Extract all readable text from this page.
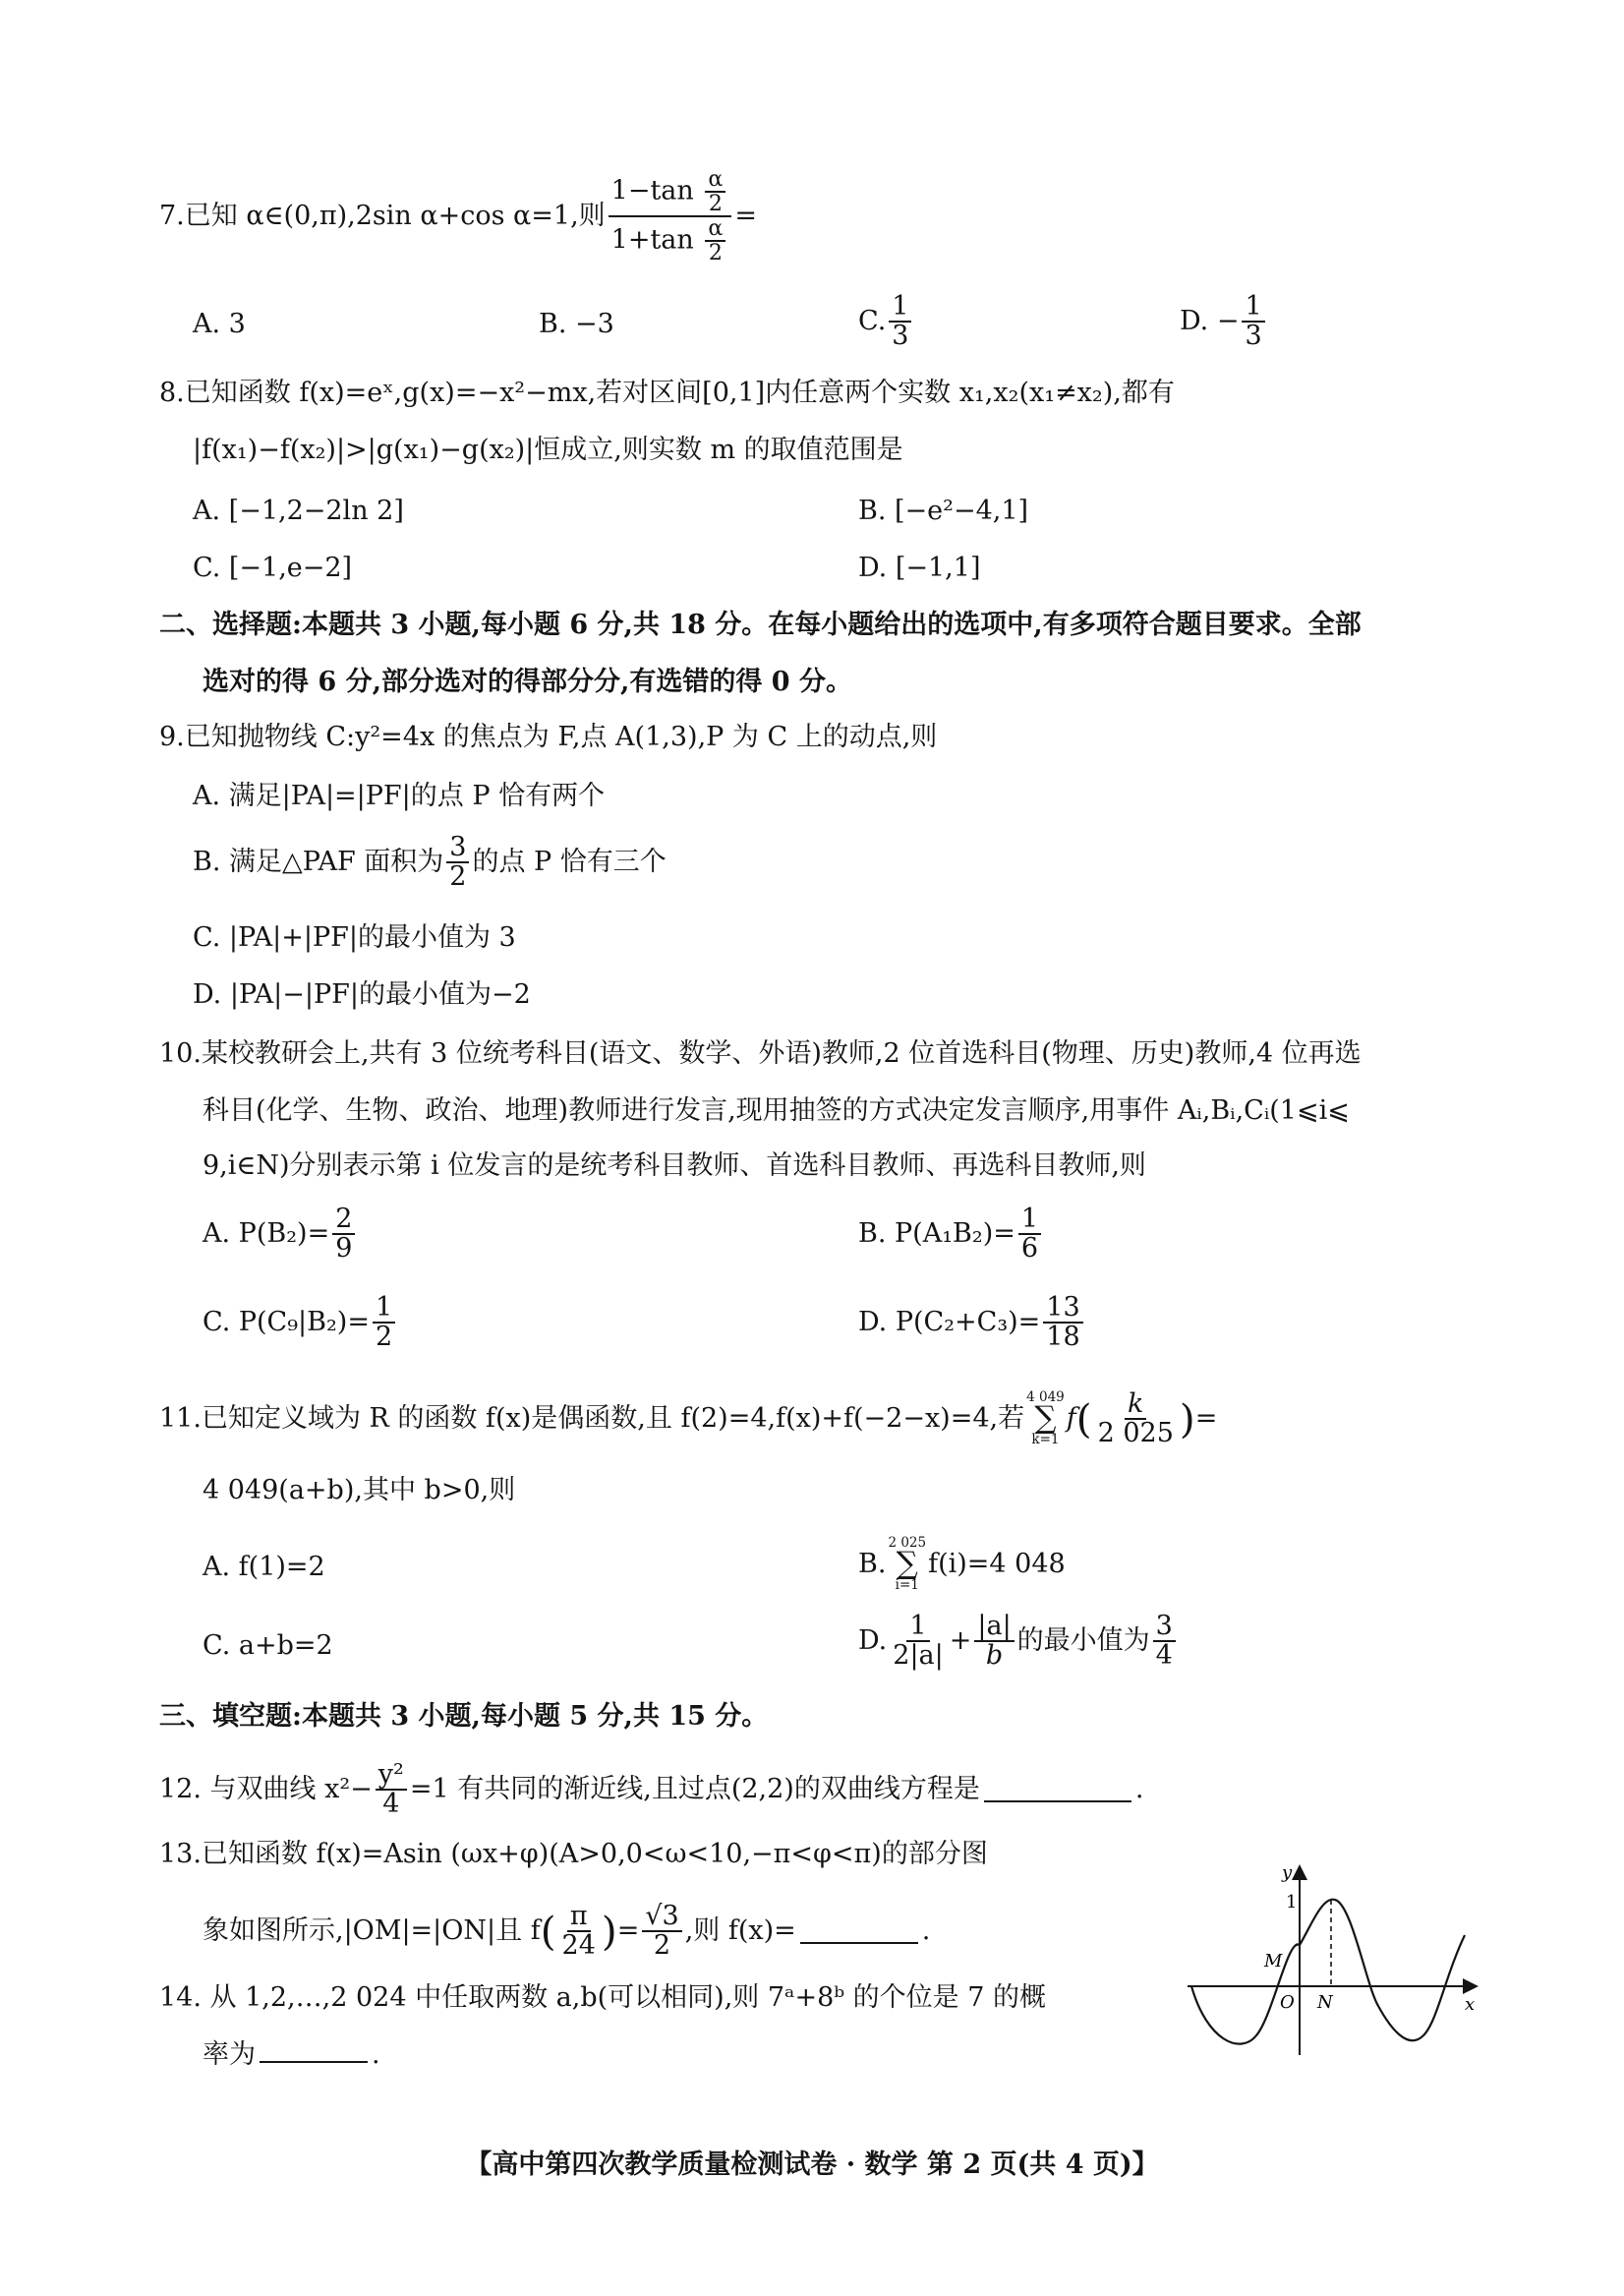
7.已知 α∈(0,π),2sin α+cos α=1,则 $\frac{1-\tan \frac{\alpha}{2}}{1+\tan \frac{\alpha}{2}}$ =
A. 3	B. −3	C. $\frac{1}{3}$	D. − $\frac{1}{3}$
8.已知函数 f(x)=eˣ,g(x)=−x²−mx,若对区间[0,1]内任意两个实数 x₁,x₂(x₁≠x₂),都有
|f(x₁)−f(x₂)|>|g(x₁)−g(x₂)|恒成立,则实数 m 的取值范围是
A. [−1,2−2ln 2]	B. [−e²−4,1]
C. [−1,e−2]	D. [−1,1]
二、选择题:本题共 3 小题,每小题 6 分,共 18 分。在每小题给出的选项中,有多项符合题目要求。全部
选对的得 6 分,部分选对的得部分分,有选错的得 0 分。
9.已知抛物线 C:y²=4x 的焦点为 F,点 A(1,3),P 为 C 上的动点,则
A. 满足|PA|=|PF|的点 P 恰有两个
B. 满足△PAF 面积为 $\frac{3}{2}$ 的点 P 恰有三个
C. |PA|+|PF|的最小值为 3
D. |PA|−|PF|的最小值为−2
10.某校教研会上,共有 3 位统考科目(语文、数学、外语)教师,2 位首选科目(物理、历史)教师,4 位再选
科目(化学、生物、政治、地理)教师进行发言,现用抽签的方式决定发言顺序,用事件 Aᵢ,Bᵢ,Cᵢ(1⩽i⩽
9,i∈N)分别表示第 i 位发言的是统考科目教师、首选科目教师、再选科目教师,则
A. $P(B_2)= \frac{2}{9}$	B. $P(A_1B_2)= \frac{1}{6}$
C. $P(C_9|B_2)= \frac{1}{2}$	D. $P(C_2+C_3)= \frac{13}{18}$
11.已知定义域为 R 的函数 f(x)是偶函数,且 f(2)=4,f(x)+f(−2−x)=4,若
4 049
∑
k=1
f ( $\frac{k}{2 025}$ ) =
4 049(a+b),其中 b>0,则
A. f(1)=2	B.
2 025
∑
i=1
f(i)=4 048
C. a+b=2	D. $\frac{1}{2|a|} + \frac{|a|}{b}$ 的最小值为 $\frac{3}{4}$
三、填空题:本题共 3 小题,每小题 5 分,共 15 分。
12. 与双曲线 $x^2- \frac{\text{y²}}{4} =1$ 有共同的渐近线,且过点(2,2)的双曲线方程是	.
13.已知函数 f(x)=Asin (ωx+φ)(A>0,0<ω<10,−π<φ<π)的部分图
象如图所示,|OM|=|ON|且 f ( $\frac{\pi}{24}$ ) = $\frac{√3}{2}$ ,则 f(x)=	.
y
x
1
M
O N
14. 从 1,2,…,2 024 中任取两数 a,b(可以相同),则 7ᵃ+8ᵇ 的个位是 7 的概
率为	.
【高中第四次教学质量检测试卷 · 数学 第 2 页(共 4 页)】
